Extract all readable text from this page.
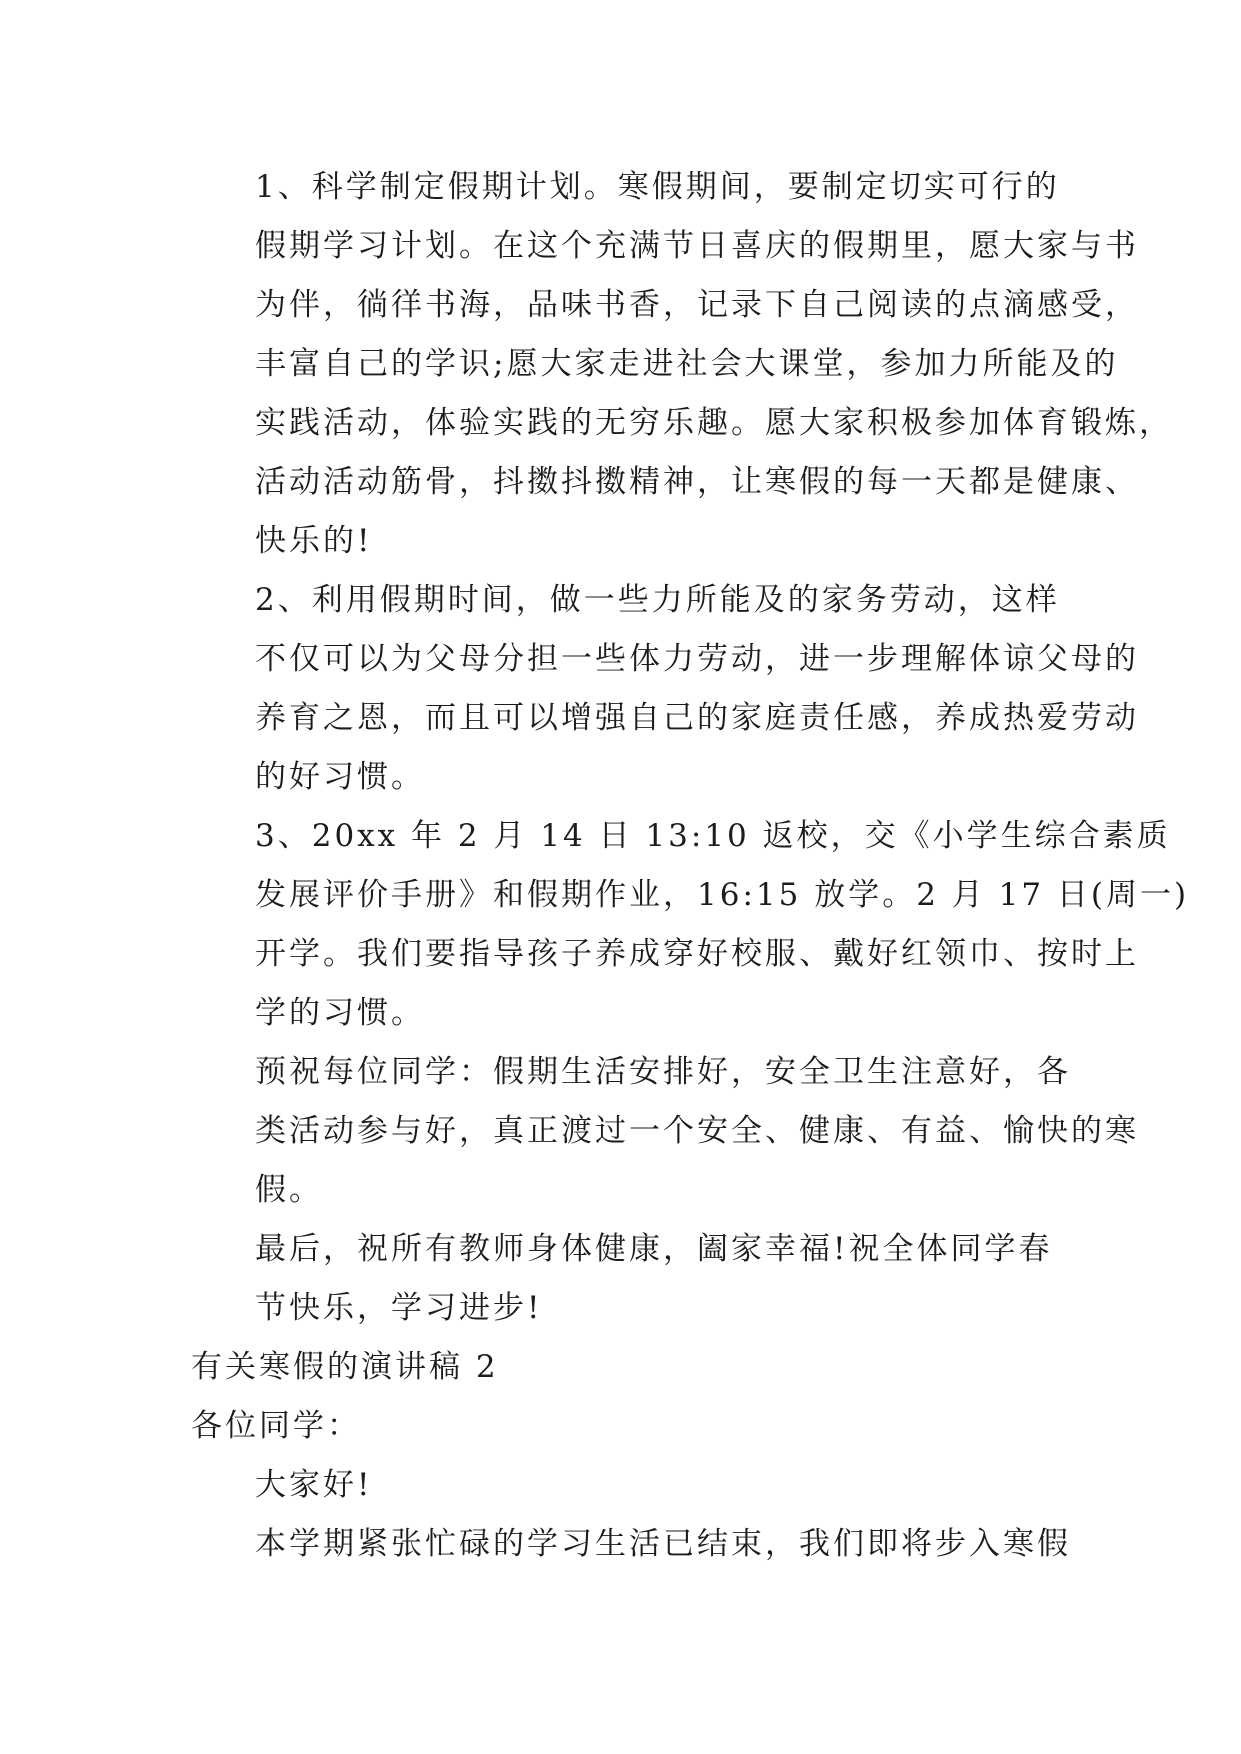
1、科学制定假期计划。寒假期间，要制定切实可行的
假期学习计划。在这个充满节日喜庆的假期里，愿大家与书
为伴，徜徉书海，品味书香，记录下自己阅读的点滴感受，
丰富自己的学识;愿大家走进社会大课堂，参加力所能及的
实践活动，体验实践的无穷乐趣。愿大家积极参加体育锻炼，
活动活动筋骨，抖擞抖擞精神，让寒假的每一天都是健康、
快乐的!
2、利用假期时间，做一些力所能及的家务劳动，这样
不仅可以为父母分担一些体力劳动，进一步理解体谅父母的
养育之恩，而且可以增强自己的家庭责任感，养成热爱劳动
的好习惯。
3、20xx 年 2 月 14 日 13:10 返校，交《小学生综合素质
发展评价手册》和假期作业，16:15 放学。2 月 17 日(周一)
开学。我们要指导孩子养成穿好校服、戴好红领巾、按时上
学的习惯。
预祝每位同学：假期生活安排好，安全卫生注意好，各
类活动参与好，真正渡过一个安全、健康、有益、愉快的寒
假。
最后，祝所有教师身体健康，阖家幸福!祝全体同学春
节快乐，学习进步!
有关寒假的演讲稿 2
各位同学：
大家好!
本学期紧张忙碌的学习生活已结束，我们即将步入寒假
